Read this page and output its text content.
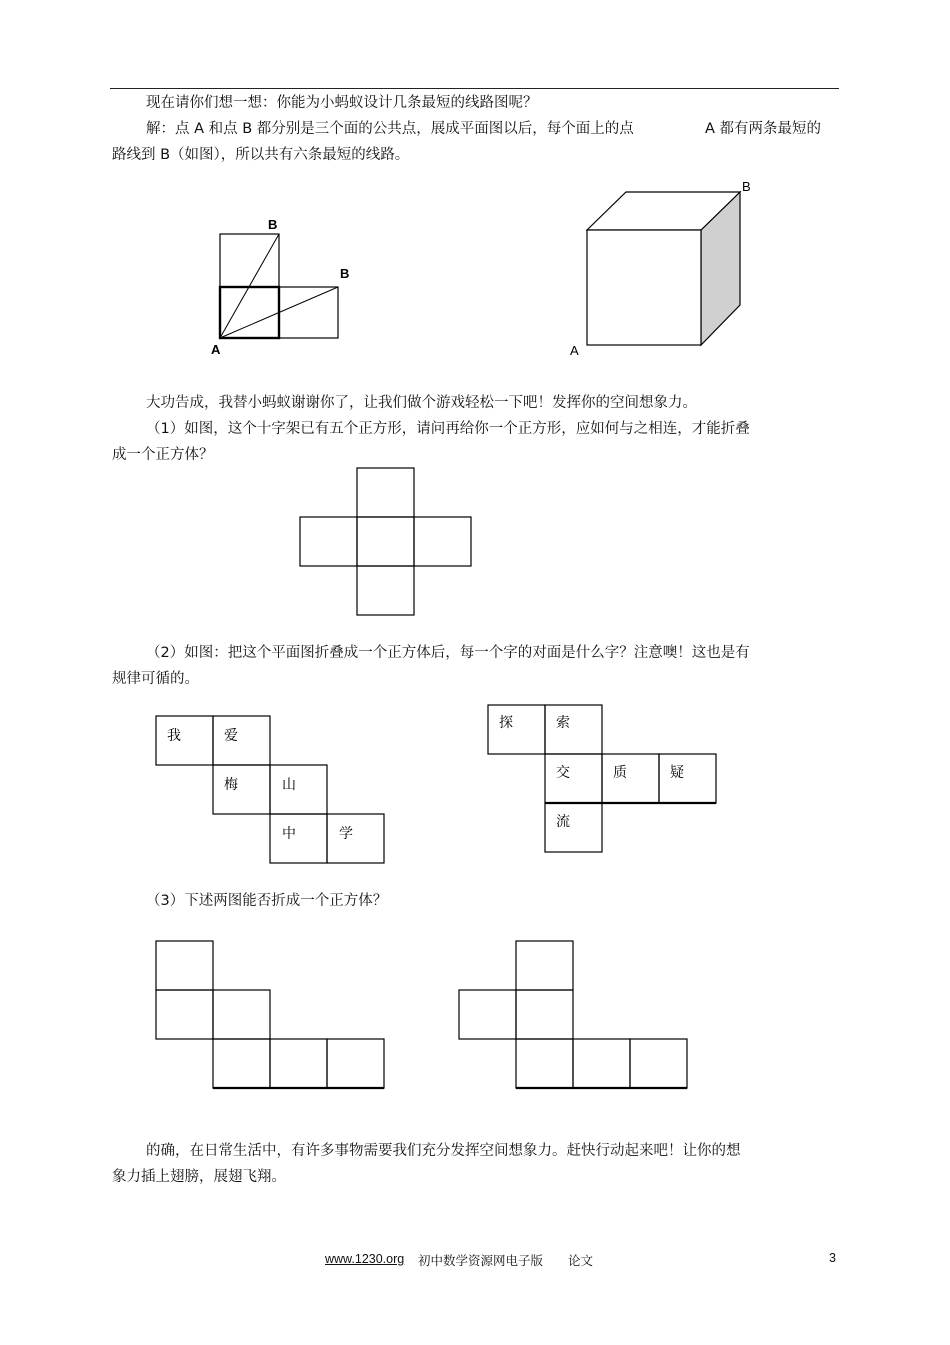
现在请你们想一想：你能为小蚂蚁设计几条最短的线路图呢？

解：点 A 和点 B 都分别是三个面的公共点，展成平面图以后，每个面上的点	A 都有两条最短的

路线到 B（如图），所以共有六条最短的线路。

B
B
A
B
A

大功告成，我替小蚂蚁谢谢你了，让我们做个游戏轻松一下吧！发挥你的空间想象力。

（1）如图，这个十字架已有五个正方形，请问再给你一个正方形，应如何与之相连，才能折叠

成一个正方体？

（2）如图：把这个平面图折叠成一个正方体后，每一个字的对面是什么字？注意噢！这也是有

规律可循的。

我	爱
梅	山
中	学
探	索
交	质	疑
流

（3）下述两图能否折成一个正方体？

的确，在日常生活中，有许多事物需要我们充分发挥空间想象力。赶快行动起来吧！让你的想

象力插上翅膀，展翅飞翔。

www.1230.org 初中数学资源网电子版 论文	3
